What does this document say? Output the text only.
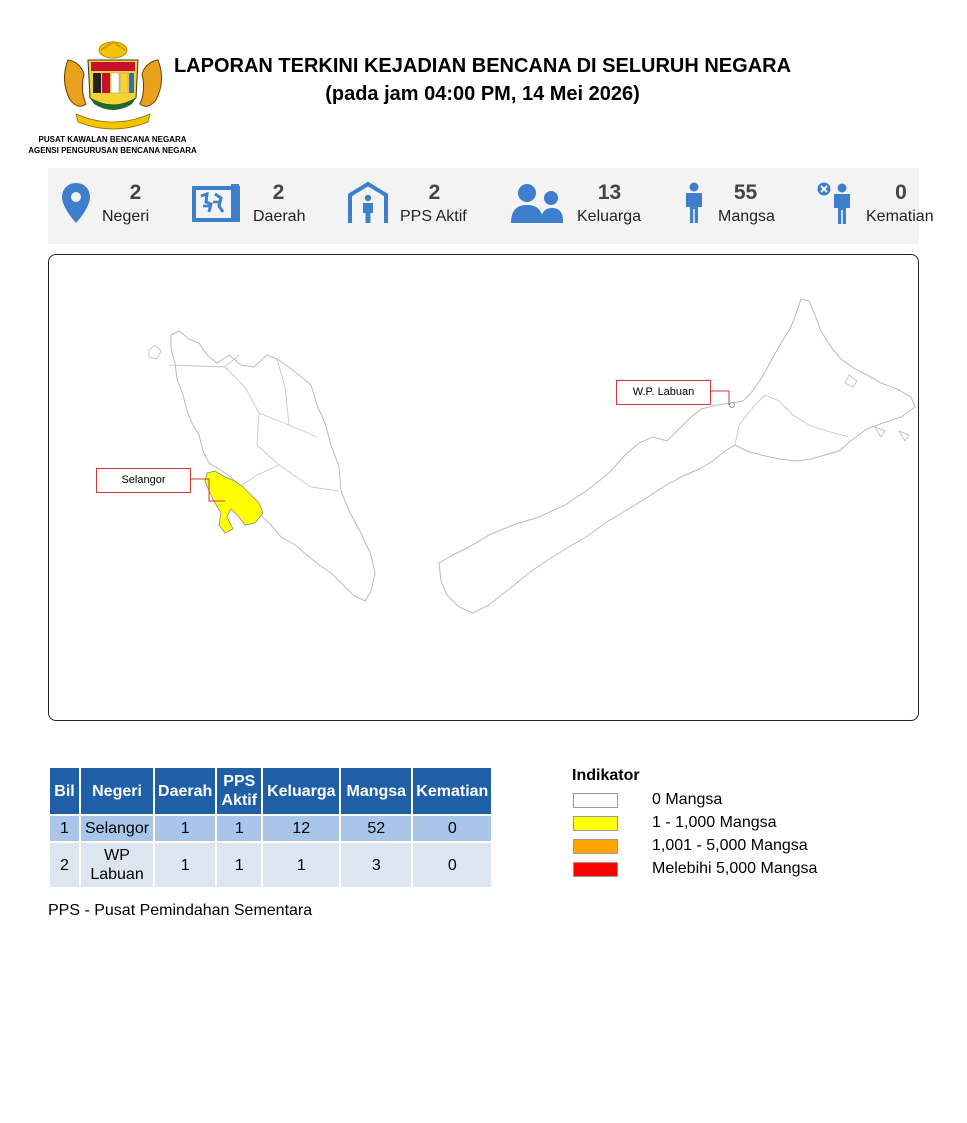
PUSAT KAWALAN BENCANA NEGARA
AGENSI PENGURUSAN BENCANA NEGARA
LAPORAN TERKINI KEJADIAN BENCANA DI SELURUH NEGARA
(pada jam 04:00 PM, 14 Mei 2026)
2
Negeri
2
Daerah
2
PPS Aktif
13
Keluarga
55
Mangsa
0
Kematian
Selangor
W.P. Labuan
Bil	Negeri	Daerah	PPS Aktif	Keluarga	Mangsa	Kematian
1	Selangor	1	1	12	52	0
2	WP Labuan	1	1	1	3	0
PPS - Pusat Pemindahan Sementara
Indikator
0 Mangsa
1 - 1,000 Mangsa
1,001 - 5,000 Mangsa
Melebihi 5,000 Mangsa
